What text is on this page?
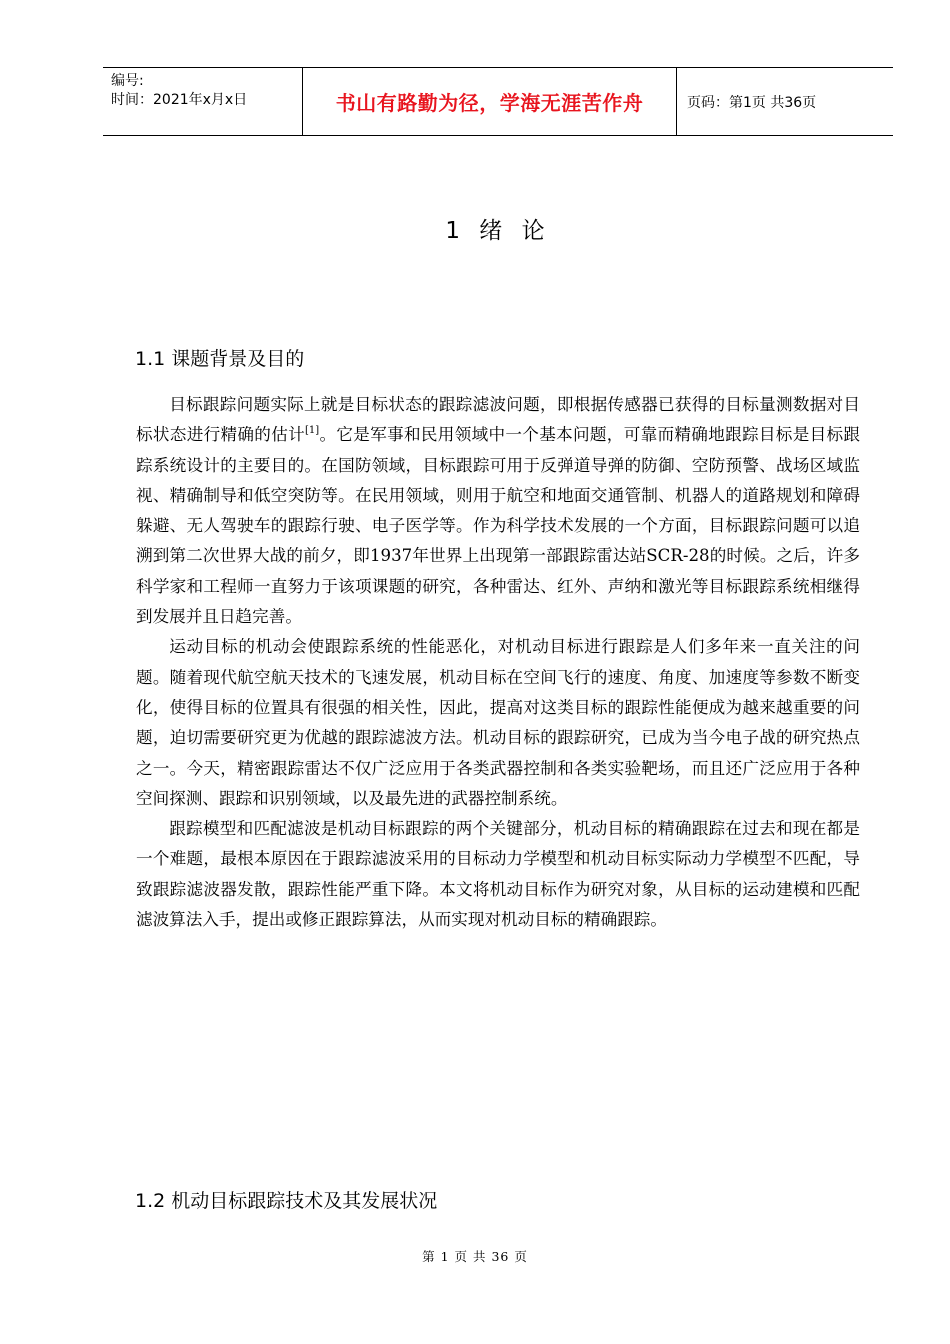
编号:
时间：2021年x月x日	书山有路勤为径，学海无涯苦作舟	页码：第1页 共36页
1 绪 论
1.1 课题背景及目的

目标跟踪问题实际上就是目标状态的跟踪滤波问题，即根据传感器已获得的目标量测数据对目标状态进行精确的估计[1]。它是军事和民用领域中一个基本问题，可靠而精确地跟踪目标是目标跟踪系统设计的主要目的。在国防领域，目标跟踪可用于反弹道导弹的防御、空防预警、战场区域监视、精确制导和低空突防等。在民用领域，则用于航空和地面交通管制、机器人的道路规划和障碍躲避、无人驾驶车的跟踪行驶、电子医学等。作为科学技术发展的一个方面，目标跟踪问题可以追溯到第二次世界大战的前夕，即1937年世界上出现第一部跟踪雷达站SCR-28的时候。之后，许多科学家和工程师一直努力于该项课题的研究，各种雷达、红外、声纳和激光等目标跟踪系统相继得到发展并且日趋完善。

运动目标的机动会使跟踪系统的性能恶化，对机动目标进行跟踪是人们多年来一直关注的问题。随着现代航空航天技术的飞速发展，机动目标在空间飞行的速度、角度、加速度等参数不断变化，使得目标的位置具有很强的相关性，因此，提高对这类目标的跟踪性能便成为越来越重要的问题，迫切需要研究更为优越的跟踪滤波方法。机动目标的跟踪研究，已成为当今电子战的研究热点之一。今天，精密跟踪雷达不仅广泛应用于各类武器控制和各类实验靶场，而且还广泛应用于各种空间探测、跟踪和识别领域，以及最先进的武器控制系统。

跟踪模型和匹配滤波是机动目标跟踪的两个关键部分，机动目标的精确跟踪在过去和现在都是一个难题，最根本原因在于跟踪滤波采用的目标动力学模型和机动目标实际动力学模型不匹配，导致跟踪滤波器发散，跟踪性能严重下降。本文将机动目标作为研究对象，从目标的运动建模和匹配滤波算法入手，提出或修正跟踪算法，从而实现对机动目标的精确跟踪。

1.2 机动目标跟踪技术及其发展状况
第 1 页 共 36 页
